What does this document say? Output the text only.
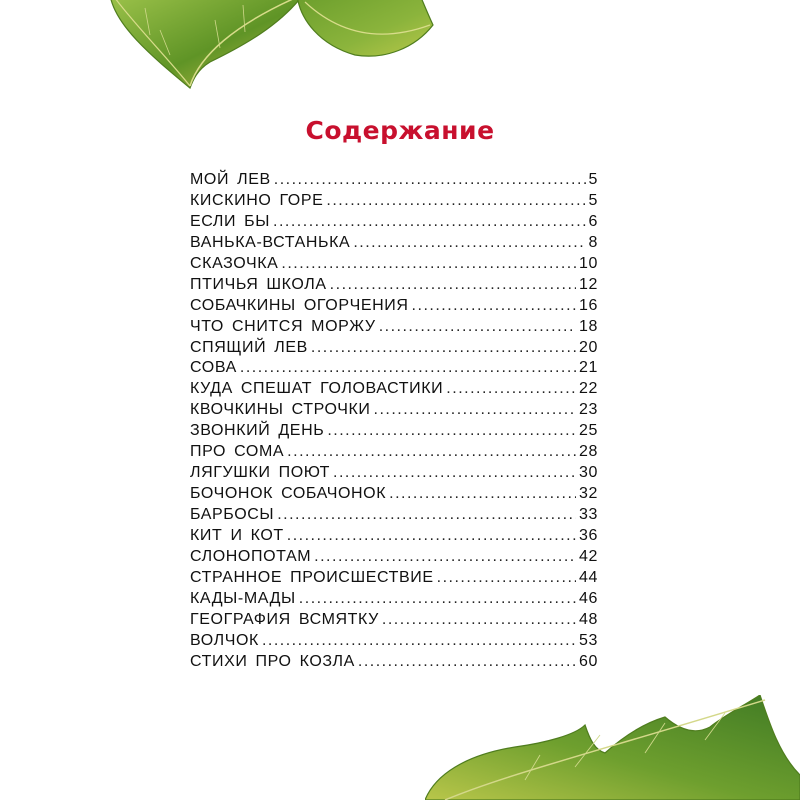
Содержание
МОЙ ЛЕВ .....	5
КИСКИНО ГОРЕ .....	5
ЕСЛИ БЫ .....	6
ВАНЬКА-ВСТАНЬКА .....	8
СКАЗОЧКА .....	10
ПТИЧЬЯ ШКОЛА .....	12
СОБАЧКИНЫ ОГОРЧЕНИЯ .....	16
ЧТО СНИТСЯ МОРЖУ .....	18
СПЯЩИЙ ЛЕВ .....	20
СОВА .....	21
КУДА СПЕШАТ ГОЛОВАСТИКИ .....	22
КВОЧКИНЫ СТРОЧКИ .....	23
ЗВОНКИЙ ДЕНЬ .....	25
ПРО СОМА .....	28
ЛЯГУШКИ ПОЮТ .....	30
БОЧОНОК СОБАЧОНОК .....	32
БАРБОСЫ .....	33
КИТ И КОТ .....	36
СЛОНОПОТАМ .....	42
СТРАННОЕ ПРОИСШЕСТВИЕ .....	44
КАДЫ-МАДЫ .....	46
ГЕОГРАФИЯ ВСМЯТКУ .....	48
ВОЛЧОК .....	53
СТИХИ ПРО КОЗЛА .....	60
